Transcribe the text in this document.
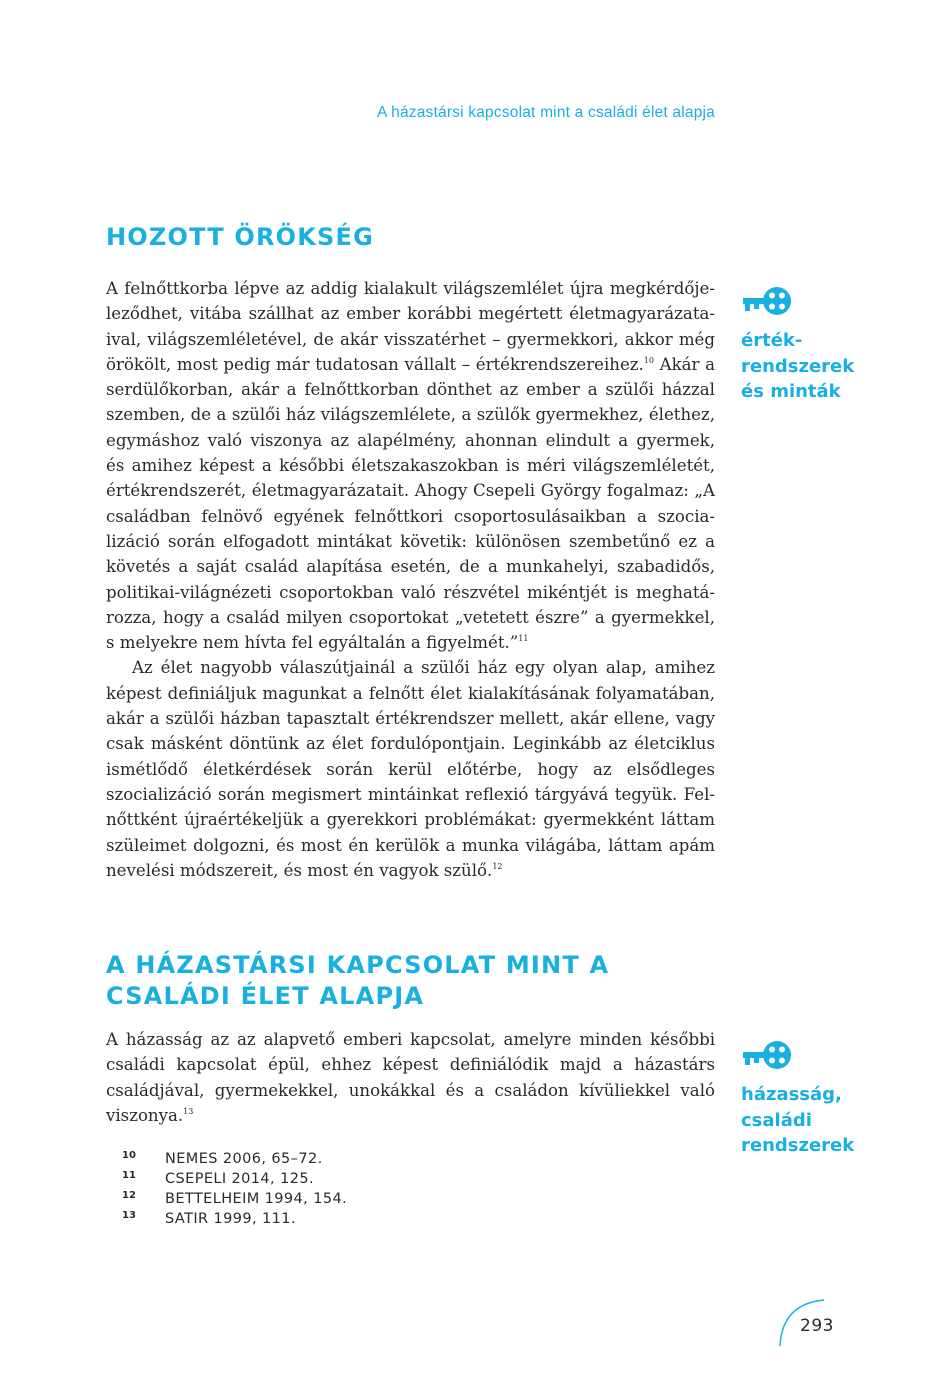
A házastársi kapcsolat mint a családi élet alapja
HOZOTT ÖRÖKSÉG

A felnőttkorba lépve az addig kialakult világszemlélet újra megkérdőjeleződhet, vitába szállhat az ember korábbi megértett életmagyarázataival, világszemléletével, de akár visszatérhet – gyermekkori, akkor még örökölt, most pedig már tudatosan vállalt – értékrendszereihez.$^{10}$ Akár a serdülőkorban, akár a felnőttkorban dönthet az ember a szülői házzal szemben, de a szülői ház világszemlélete, a szülők gyermekhez, élethez, egymáshoz való viszonya az alapélmény, ahonnan elindult a gyermek, és amihez képest a későbbi életszakaszokban is méri világszemléletét, értékrendszerét, életmagyarázatait. Ahogy Csepeli György fogalmaz: „A családban felnövő egyének felnőttkori csoportosulásaikban a szocializáció során elfogadott mintákat követik: különösen szembetűnő ez a követés a saját család alapítása esetén, de a munkahelyi, szabadidős, politikai-világnézeti csoportokban való részvétel mikéntjét is meghatározza, hogy a család milyen csoportokat „vetetett észre” a gyermekkel, s melyekre nem hívta fel egyáltalán a figyelmét.”$^{11}$

Az élet nagyobb válaszútjainál a szülői ház egy olyan alap, amihez képest definiáljuk magunkat a felnőtt élet kialakításának folyamatában, akár a szülői házban tapasztalt értékrendszer mellett, akár ellene, vagy csak másként döntünk az élet fordulópontjain. Leginkább az életciklus ismétlődő életkérdések során kerül előtérbe, hogy az elsődleges szocializáció során megismert mintáinkat reflexió tárgyává tegyük. Felnőttként újraértékeljük a gyerekkori problémákat: gyermekként láttam szüleimet dolgozni, és most én kerülök a munka világába, láttam apám nevelési módszereit, és most én vagyok szülő.$^{12}$

érték-
rendszerek
és minták
A HÁZASTÁRSI KAPCSOLAT MINT A CSALÁDI ÉLET ALAPJA

A házasság az az alapvető emberi kapcsolat, amelyre minden későbbi családi kapcsolat épül, ehhez képest definiálódik majd a házastárs családjával, gyermekekkel, unokákkal és a családon kívüliekkel való viszonya.$^{13}$

házasság,
családi
rendszerek
10	NEMES 2006, 65–72.
11	CSEPELI 2014, 125.
12	BETTELHEIM 1994, 154.
13	SATIR 1999, 111.
293
